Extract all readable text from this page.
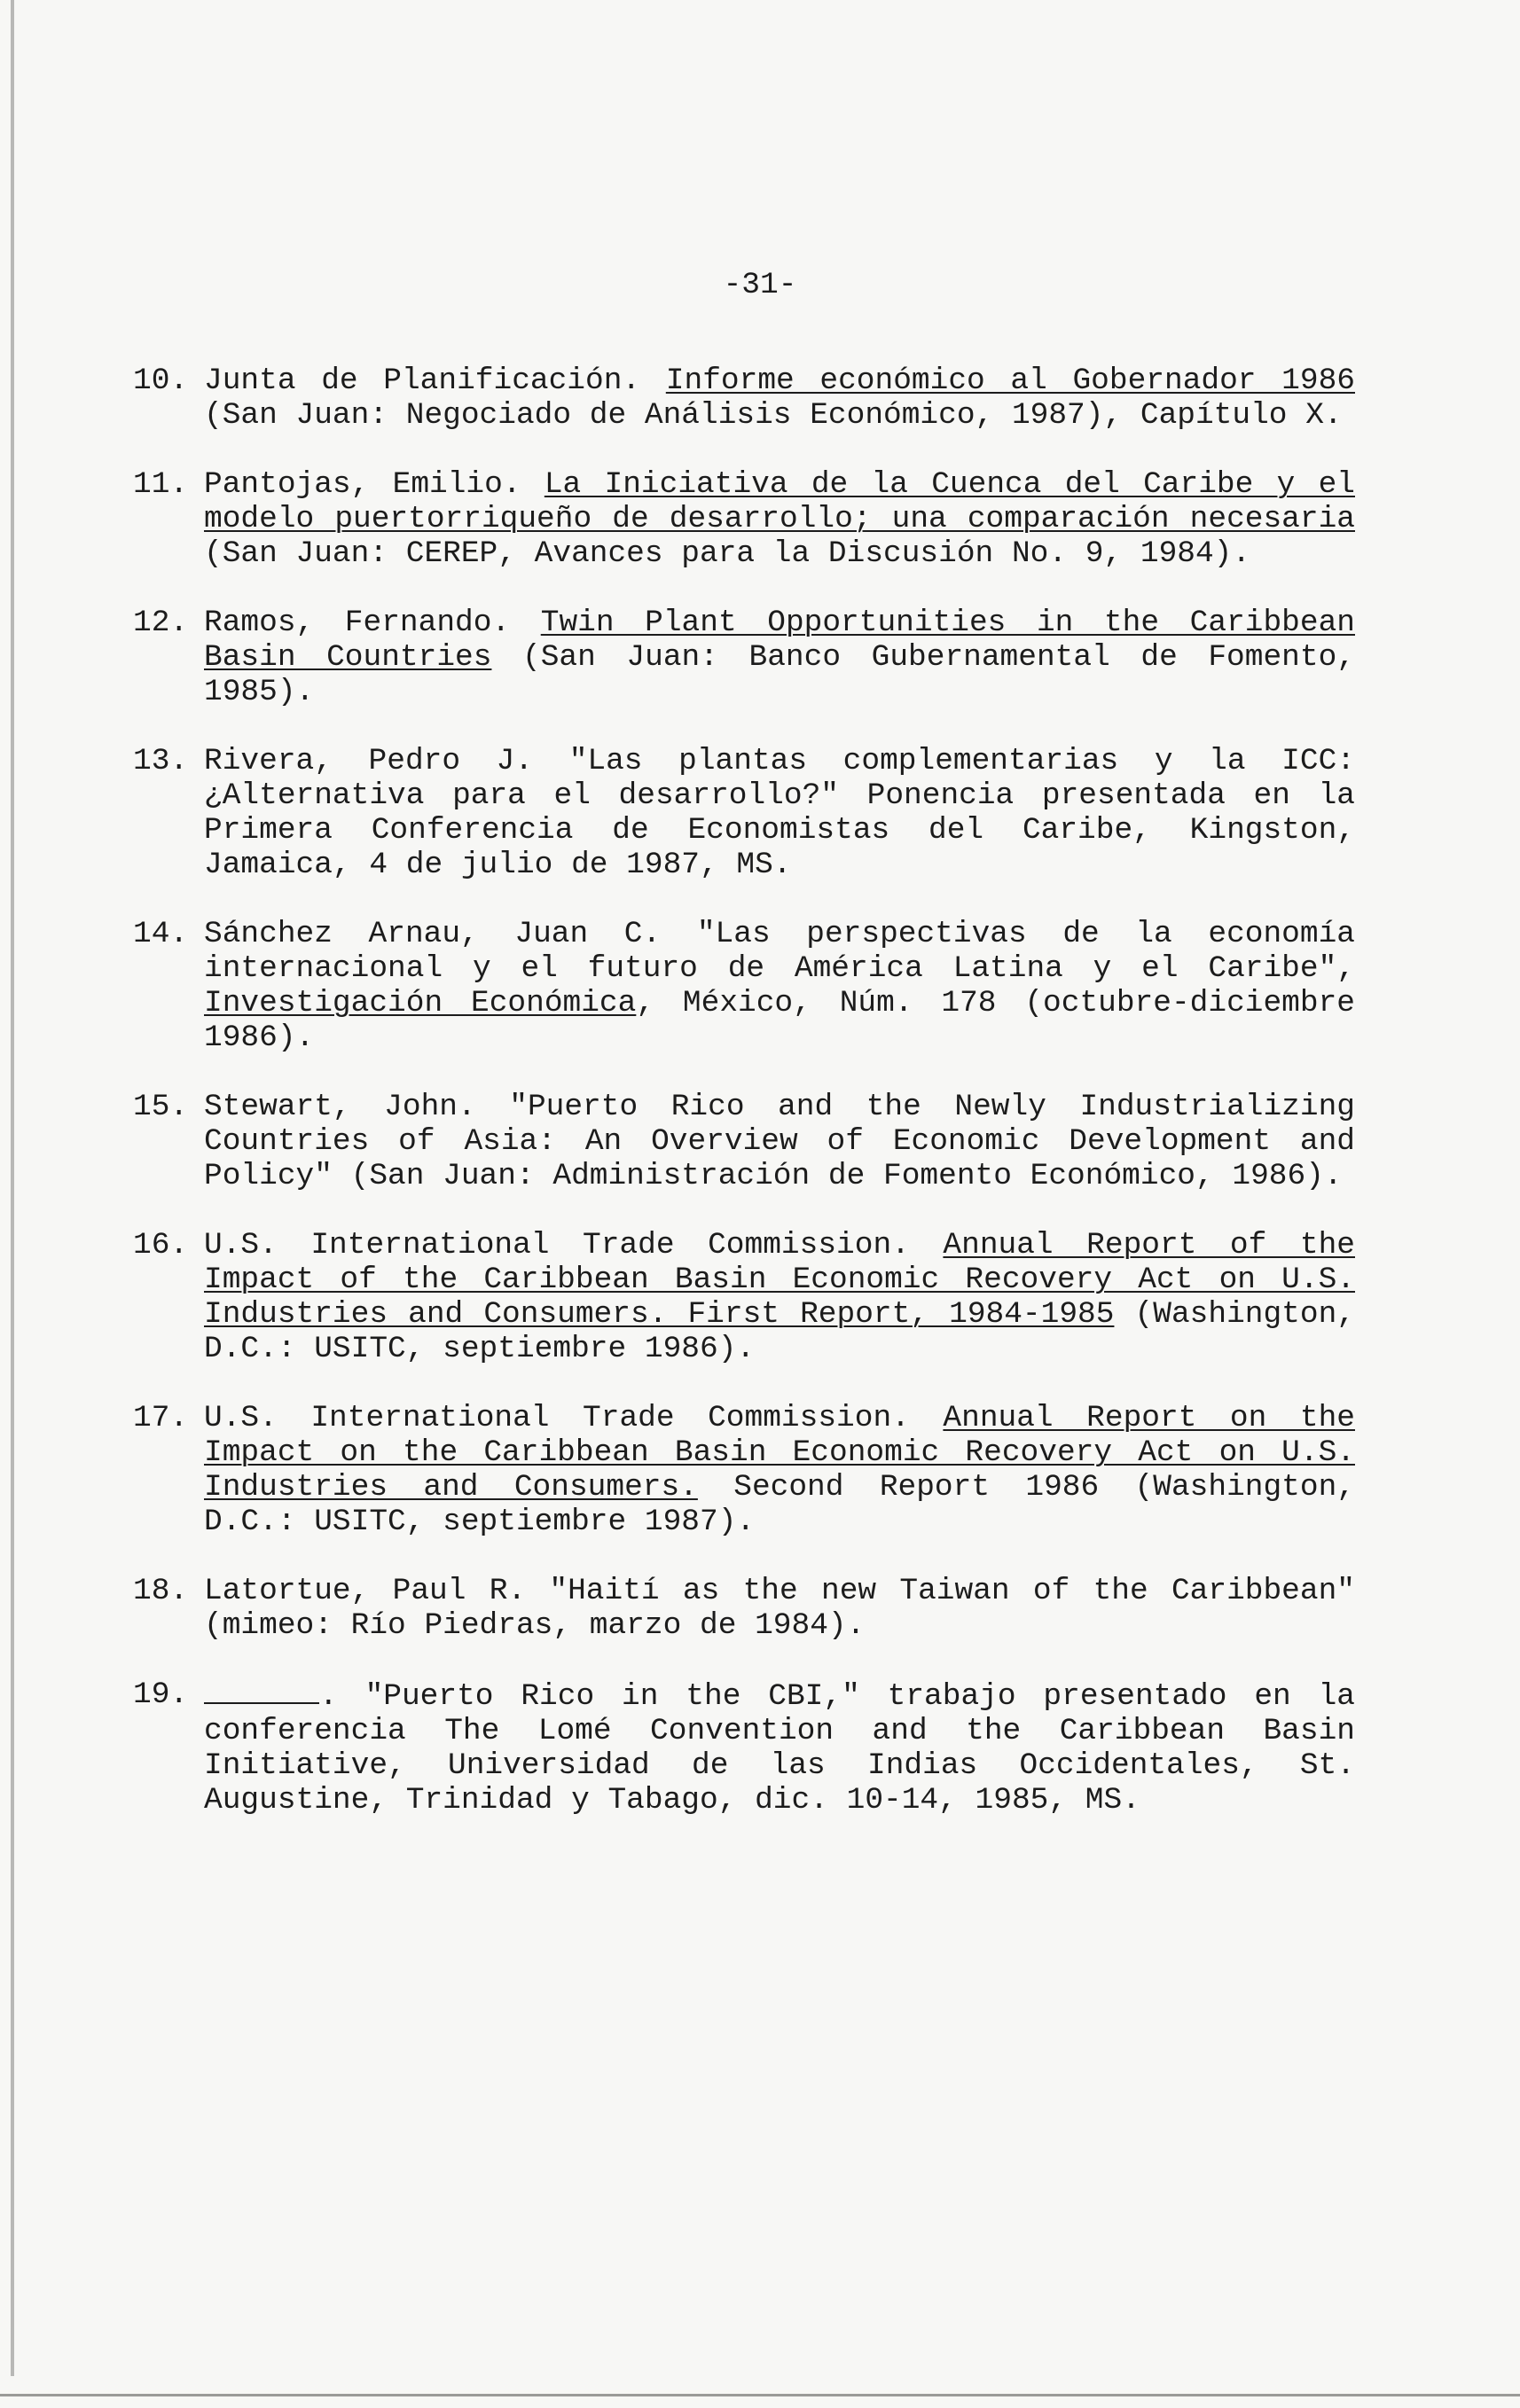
-31-
10. Junta de Planificación. Informe económico al Gobernador 1986 (San Juan: Negociado de Análisis Económico, 1987), Capítulo X.
11. Pantojas, Emilio. La Iniciativa de la Cuenca del Caribe y el modelo puertorriqueño de desarrollo; una comparación necesaria (San Juan: CEREP, Avances para la Discusión No. 9, 1984).
12. Ramos, Fernando. Twin Plant Opportunities in the Caribbean Basin Countries (San Juan: Banco Gubernamental de Fomento, 1985).
13. Rivera, Pedro J. "Las plantas complementarias y la ICC: ¿Alternativa para el desarrollo?" Ponencia presentada en la Primera Conferencia de Economistas del Caribe, Kingston, Jamaica, 4 de julio de 1987, MS.
14. Sánchez Arnau, Juan C. "Las perspectivas de la economía internacional y el futuro de América Latina y el Caribe", Investigación Económica, México, Núm. 178 (octubre-diciembre 1986).
15. Stewart, John. "Puerto Rico and the Newly Industrializing Countries of Asia: An Overview of Economic Development and Policy" (San Juan: Administración de Fomento Económico, 1986).
16. U.S. International Trade Commission. Annual Report of the Impact of the Caribbean Basin Economic Recovery Act on U.S. Industries and Consumers. First Report, 1984-1985 (Washington, D.C.: USITC, septiembre 1986).
17. U.S. International Trade Commission. Annual Report on the Impact on the Caribbean Basin Economic Recovery Act on U.S. Industries and Consumers. Second Report 1986 (Washington, D.C.: USITC, septiembre 1987).
18. Latortue, Paul R. "Haití as the new Taiwan of the Caribbean" (mimeo: Río Piedras, marzo de 1984).
19.	. "Puerto Rico in the CBI," trabajo presentado en la conferencia The Lomé Convention and the Caribbean Basin Initiative, Universidad de las Indias Occidentales, St. Augustine, Trinidad y Tabago, dic. 10-14, 1985, MS.
